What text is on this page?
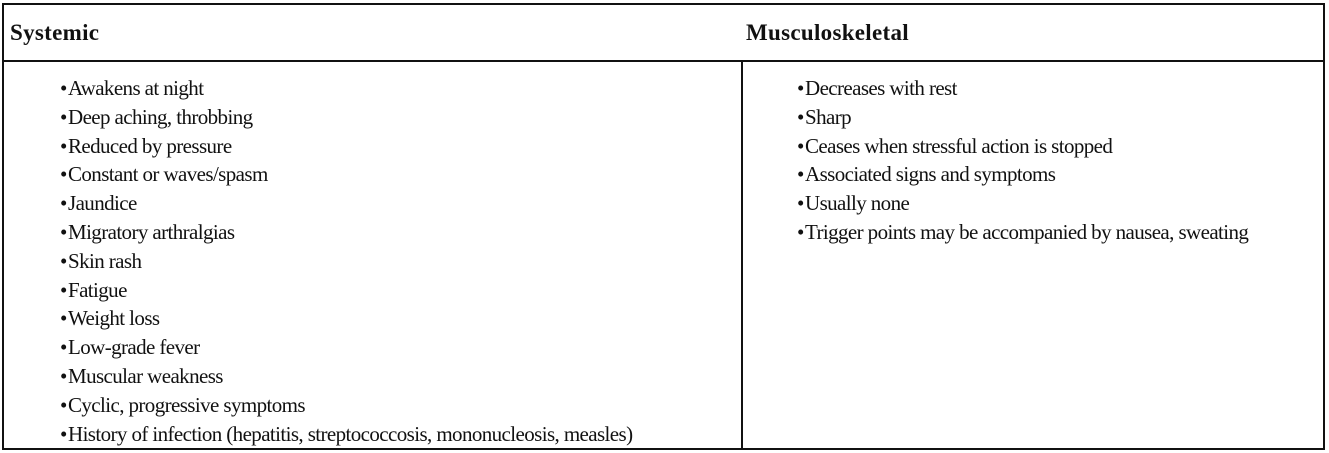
Systemic	Musculoskeletal
•Awakens at night
•Deep aching, throbbing
•Reduced by pressure
•Constant or waves/spasm
•Jaundice
•Migratory arthralgias
•Skin rash
•Fatigue
•Weight loss
•Low-grade fever
•Muscular weakness
•Cyclic, progressive symptoms
•History of infection (hepatitis, streptococcosis, mononucleosis, measles)
•Decreases with rest
•Sharp
•Ceases when stressful action is stopped
•Associated signs and symptoms
•Usually none
•Trigger points may be accompanied by nausea, sweating
